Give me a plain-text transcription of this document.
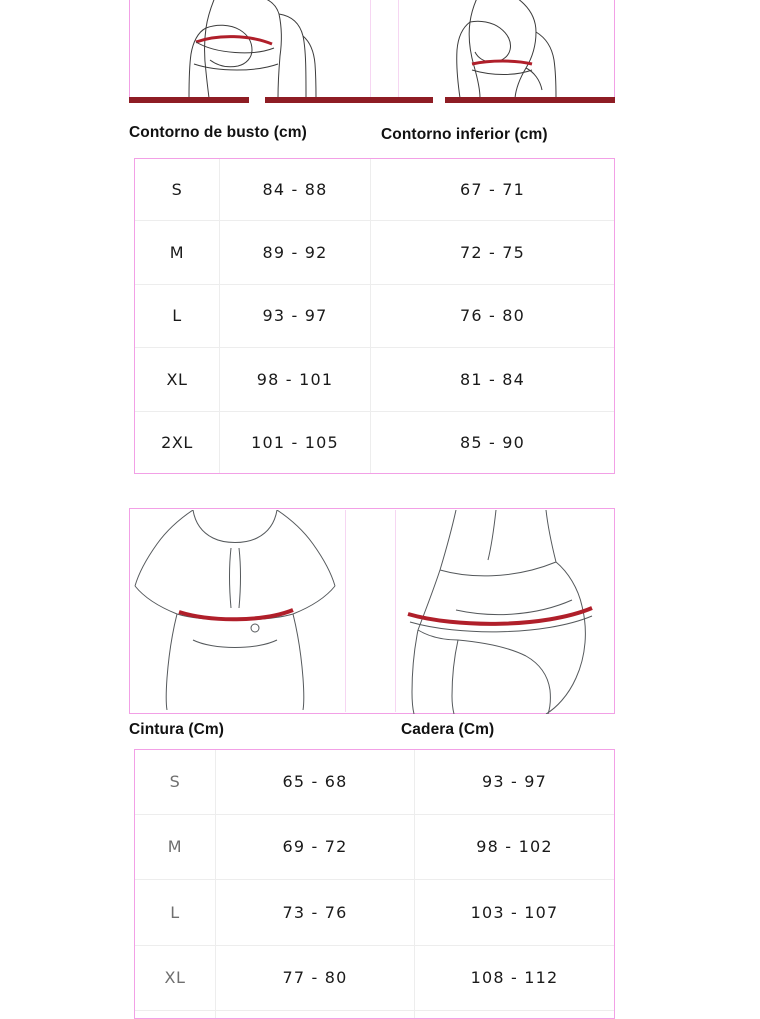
Contorno de busto (cm)	Contorno inferior (cm)
S	84 - 88	67 - 71
M	89 - 92	72 - 75
L	93 - 97	76 - 80
XL	98 - 101	81 - 84
2XL	101 - 105	85 - 90
Cintura (Cm)	Cadera (Cm)
S	65 - 68	93 - 97
M	69 - 72	98 - 102
L	73 - 76	103 - 107
XL	77 - 80	108 - 112
